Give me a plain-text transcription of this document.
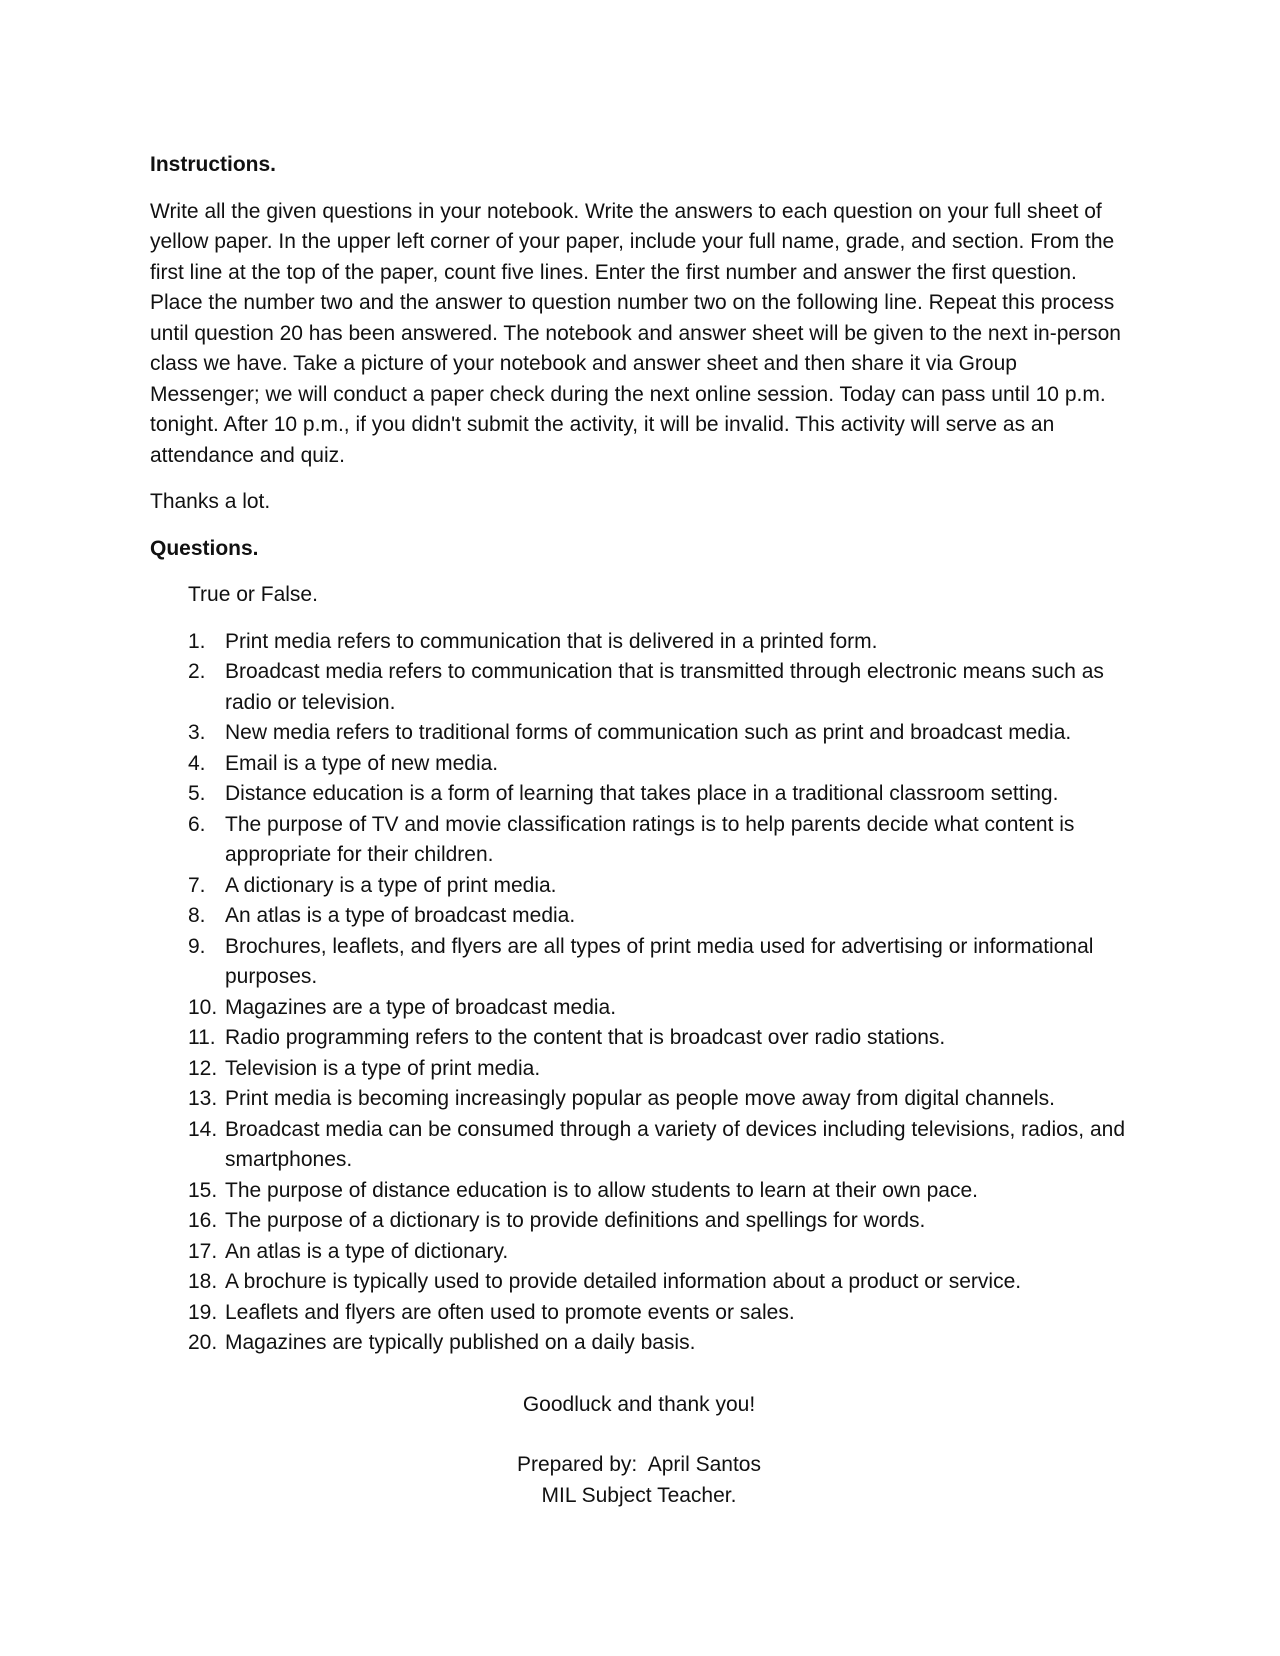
Instructions.
Write all the given questions in your notebook. Write the answers to each question on your full sheet of yellow paper. In the upper left corner of your paper, include your full name, grade, and section. From the first line at the top of the paper, count five lines. Enter the first number and answer the first question. Place the number two and the answer to question number two on the following line. Repeat this process until question 20 has been answered. The notebook and answer sheet will be given to the next in-person class we have. Take a picture of your notebook and answer sheet and then share it via Group Messenger; we will conduct a paper check during the next online session. Today can pass until 10 p.m. tonight. After 10 p.m., if you didn't submit the activity, it will be invalid. This activity will serve as an attendance and quiz.
Thanks a lot.
Questions.
True or False.
1. Print media refers to communication that is delivered in a printed form.
2. Broadcast media refers to communication that is transmitted through electronic means such as radio or television.
3. New media refers to traditional forms of communication such as print and broadcast media.
4. Email is a type of new media.
5. Distance education is a form of learning that takes place in a traditional classroom setting.
6. The purpose of TV and movie classification ratings is to help parents decide what content is appropriate for their children.
7. A dictionary is a type of print media.
8. An atlas is a type of broadcast media.
9. Brochures, leaflets, and flyers are all types of print media used for advertising or informational purposes.
10. Magazines are a type of broadcast media.
11. Radio programming refers to the content that is broadcast over radio stations.
12. Television is a type of print media.
13. Print media is becoming increasingly popular as people move away from digital channels.
14. Broadcast media can be consumed through a variety of devices including televisions, radios, and smartphones.
15. The purpose of distance education is to allow students to learn at their own pace.
16. The purpose of a dictionary is to provide definitions and spellings for words.
17. An atlas is a type of dictionary.
18. A brochure is typically used to provide detailed information about a product or service.
19. Leaflets and flyers are often used to promote events or sales.
20. Magazines are typically published on a daily basis.
Goodluck and thank you!
Prepared by:  April Santos
MIL Subject Teacher.
